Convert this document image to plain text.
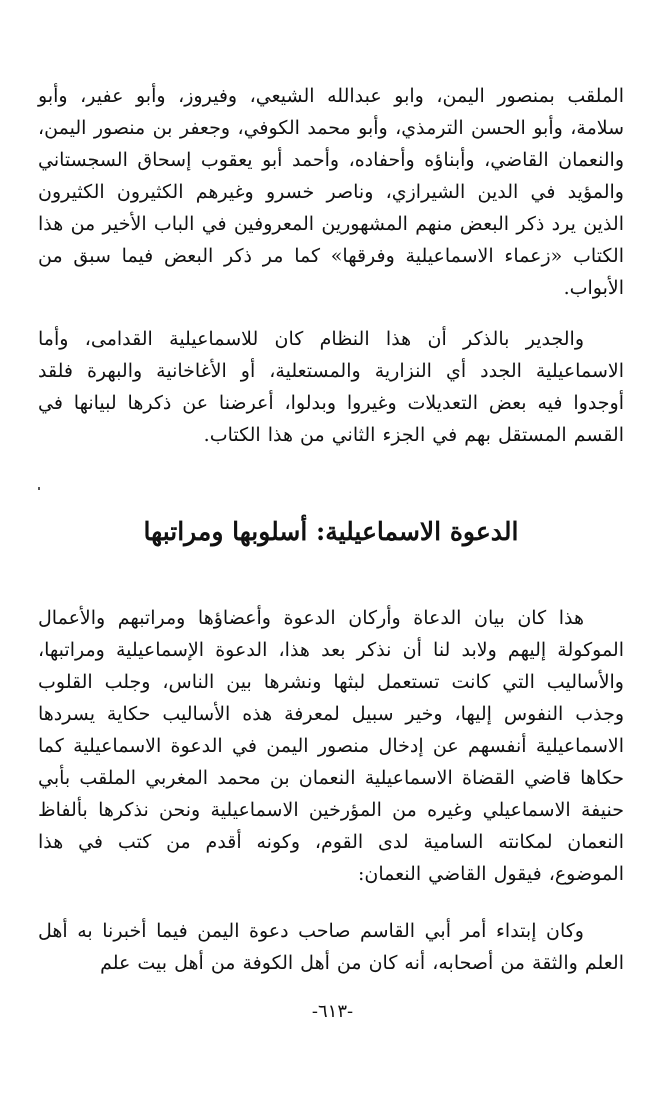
الملقب بمنصور اليمن، وابو عبدالله الشيعي، وفيروز، وأبو عفير، وأبو سلامة، وأبو الحسن الترمذي، وأبو محمد الكوفي، وجعفر بن منصور اليمن، والنعمان القاضي، وأبناؤه وأحفاده، وأحمد أبو يعقوب إسحاق السجستاني والمؤيد في الدين الشيرازي، وناصر خسرو وغيرهم الكثيرون الكثيرون الذين يرد ذكر البعض منهم المشهورين المعروفين في الباب الأخير من هذا الكتاب «زعماء الاسماعيلية وفرقها» كما مر ذكر البعض فيما سبق من الأبواب.

والجدير بالذكر أن هذا النظام كان للاسماعيلية القدامى، وأما الاسماعيلية الجدد أي النزارية والمستعلية، أو الأغاخانية والبهرة فلقد أوجدوا فيه بعض التعديلات وغيروا وبدلوا، أعرضنا عن ذكرها لبيانها في القسم المستقل بهم في الجزء الثاني من هذا الكتاب.

الدعوة الاسماعيلية: أسلوبها ومراتبها

هذا كان بيان الدعاة وأركان الدعوة وأعضاؤها ومراتبهم والأعمال الموكولة إليهم ولابد لنا أن نذكر بعد هذا، الدعوة الإسماعيلية ومراتبها، والأساليب التي كانت تستعمل لبثها ونشرها بين الناس، وجلب القلوب وجذب النفوس إليها، وخير سبيل لمعرفة هذه الأساليب حكاية يسردها الاسماعيلية أنفسهم عن إدخال منصور اليمن في الدعوة الاسماعيلية كما حكاها قاضي القضاة الاسماعيلية النعمان بن محمد المغربي الملقب بأبي حنيفة الاسماعيلي وغيره من المؤرخين الاسماعيلية ونحن نذكرها بألفاظ النعمان لمكانته السامية لدى القوم، وكونه أقدم من كتب في هذا الموضوع، فيقول القاضي النعمان:

وكان إبتداء أمر أبي القاسم صاحب دعوة اليمن فيما أخبرنا به أهل العلم والثقة من أصحابه، أنه كان من أهل الكوفة من أهل بيت علم

-٦١٣-
